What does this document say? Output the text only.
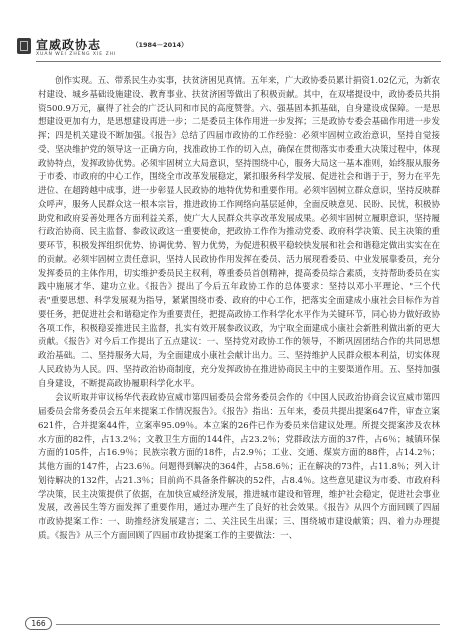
宣威政协志	（1984－2014）
XUAN WEI ZHENG XIE ZHI

创作实现。五、带系民生办实事，扶贫济困见真情。五年来，广大政协委员累计捐资1.02亿元，为新农村建设、城乡基础设施建设、教育事业、扶贫济困等做出了积极贡献。其中，在双堵提设中，政协委员共捐资500.9万元，赢得了社会的广泛认同和市民的高度赞誉。六、强基固本抓基础，自身建设成保障。一是思想建设更加有力，是思想建设再进一步；二是委员主体作用进一步发挥；三是政协专委会基础作用进一步发挥；四是机关建设不断加强。《报告》总结了四届市政协的工作经验：必须牢固树立政治意识，坚持自觉接受、坚决维护党的领导这一正确方向，找准政协工作的切入点，确保在贯彻落实市委重大决策过程中，体现政协特点，发挥政协优势。必须牢固树立大局意识，坚持围绕中心，服务大局这一基本准则，始终服从服务于市委、市政府的中心工作，围绕全市改革发展稳定，紧扣服务科学发展、促进社会和谐于于，努力在平先进位、在超跨越中成事，进一步彰显人民政协的地特优势和重要作用。必须牢固树立群众意识，坚持反映群众呼声，服务人民群众这一根本宗旨，推进政协工作网络向基层延伸，全面反映意见、民盼、民忧，积极协助党和政府妥善处理各方面利益关系，使广大人民群众共享改革发展成果。必须牢固树立履职意识，坚持履行政治协商、民主监督、参政议政这一重要使命，把政协工作作为推动党委、政府科学决策、民主决策的重要环节，积极发挥组织优势、协调优势、智力优势，为促进积极平稳较快发展和社会和谐稳定做出实实在在的贡献。必须牢固树立责任意识，坚持人民政协作用发挥在委员、活力展现看委员、中业发展靠委员，充分发挥委员的主体作用，切实维护委员民主权利，尊重委员首创精神，提高委员综合素质，支持帮助委员在实践中施展才华、建功立业。《报告》提出了今后五年政协工作的总体要求：坚持以邓小平理论、"三个代表"重要思想、科学发展观为指导，紧紧围绕市委、政府的中心工作，把落实全面建成小康社会目标作为首要任务，把促进社会和谐稳定作为重要责任，把提高政协工作科学化水平作为关键环节，同心协力做好政协各项工作，积极稳妥推进民主监督，扎实有效开展参政议政，为宁取全面建成小康社会新胜利做出新的更大贡献。《报告》对今后工作提出了五点建议：一、坚持党对政协工作的领导，不断巩固团结合作的共同思想政治基础。二、坚持服务大局，为全面建成小康社会献计出力。三、坚持维护人民群众根本利益，切实体现人民政协为人民。四、坚持政治协商制度，充分发挥政协在推进协商民主中的主要渠道作用。五、坚持加强自身建设，不断提高政协履职科学化水平。

会议听取并审议杨华代表政协宣威市第四届委员会常务委员会作的《中国人民政治协商会议宣威市第四届委员会常务委员会五年来提案工作情况报告》。《报告》指出：五年来，委员共提出提案647件，审查立案621件，合并提案44件，立案率95.09％。本立案的26件已作为委员来信建议处理。所提交提案涉及农林水方面的82件，占13.2％；文教卫生方面的144件，占23.2％；党群政法方面的37件，占6％；城镇环保方面的105件，占16.9％；民族宗教方面的18件，占2.9％；工业、交通、煤炭方面的88件，占14.2％；其他方面的147件，占23.6％。问题得到解决的364件，占58.6％；正在解决的73件，占11.8％；列入计划待解决的132件，占21.3％；目前尚不具备条件解决的52件，占8.4％。这些意见建议为市委、市政府科学决策，民主决策提供了依据，在加快宣威经济发展，推进城市建设和管理，维护社会稳定，促进社会事业发展，改善民生等方面发挥了重要作用，通过办理产生了良好的社会效果。《报告》从四个方面回顾了四届市政协提案工作：一、助推经济发展建言；二、关注民生出谋；三、围绕城市建设献策；四、着力办理提质。《报告》从三个方面回顾了四届市政协提案工作的主要做法：一、

166
